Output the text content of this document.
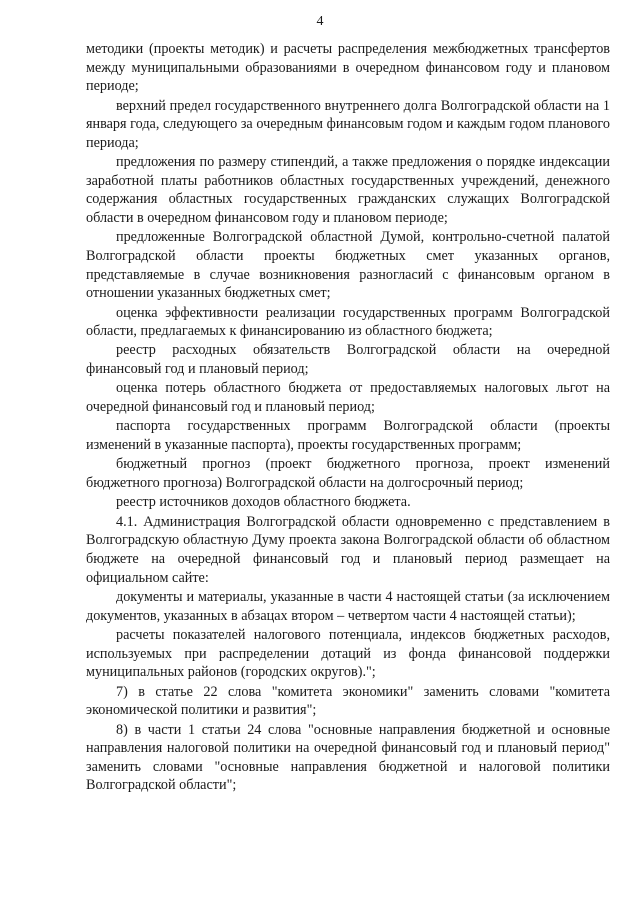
4

методики (проекты методик) и расчеты распределения межбюджетных трансфертов между муниципальными образованиями в очередном финансовом году и плановом периоде;

верхний предел государственного внутреннего долга Волгоградской области на 1 января года, следующего за очередным финансовым годом и каждым годом планового периода;

предложения по размеру стипендий, а также предложения о порядке индексации заработной платы работников областных государственных учреждений, денежного содержания областных государственных гражданских служащих Волгоградской области в очередном финансовом году и плановом периоде;

предложенные Волгоградской областной Думой, контрольно-счетной палатой Волгоградской области проекты бюджетных смет указанных органов, представляемые в случае возникновения разногласий с финансовым органом в отношении указанных бюджетных смет;

оценка эффективности реализации государственных программ Волгоградской области, предлагаемых к финансированию из областного бюджета;

реестр расходных обязательств Волгоградской области на очередной финансовый год и плановый период;

оценка потерь областного бюджета от предоставляемых налоговых льгот на очередной финансовый год и плановый период;

паспорта государственных программ Волгоградской области (проекты изменений в указанные паспорта), проекты государственных программ;

бюджетный прогноз (проект бюджетного прогноза, проект изменений бюджетного прогноза) Волгоградской области на долгосрочный период;

реестр источников доходов областного бюджета.

4.1. Администрация Волгоградской области одновременно с представлением в Волгоградскую областную Думу проекта закона Волгоградской области об областном бюджете на очередной финансовый год и плановый период размещает на официальном сайте:

документы и материалы, указанные в части 4 настоящей статьи (за исключением документов, указанных в абзацах втором – четвертом части 4 настоящей статьи);

расчеты показателей налогового потенциала, индексов бюджетных расходов, используемых при распределении дотаций из фонда финансовой поддержки муниципальных районов (городских округов).";

7) в статье 22 слова "комитета экономики" заменить словами "комитета экономической политики и развития";

8) в части 1 статьи 24 слова "основные направления бюджетной и основные направления налоговой политики на очередной финансовый год и плановый период" заменить словами "основные направления бюджетной и налоговой политики Волгоградской области";
